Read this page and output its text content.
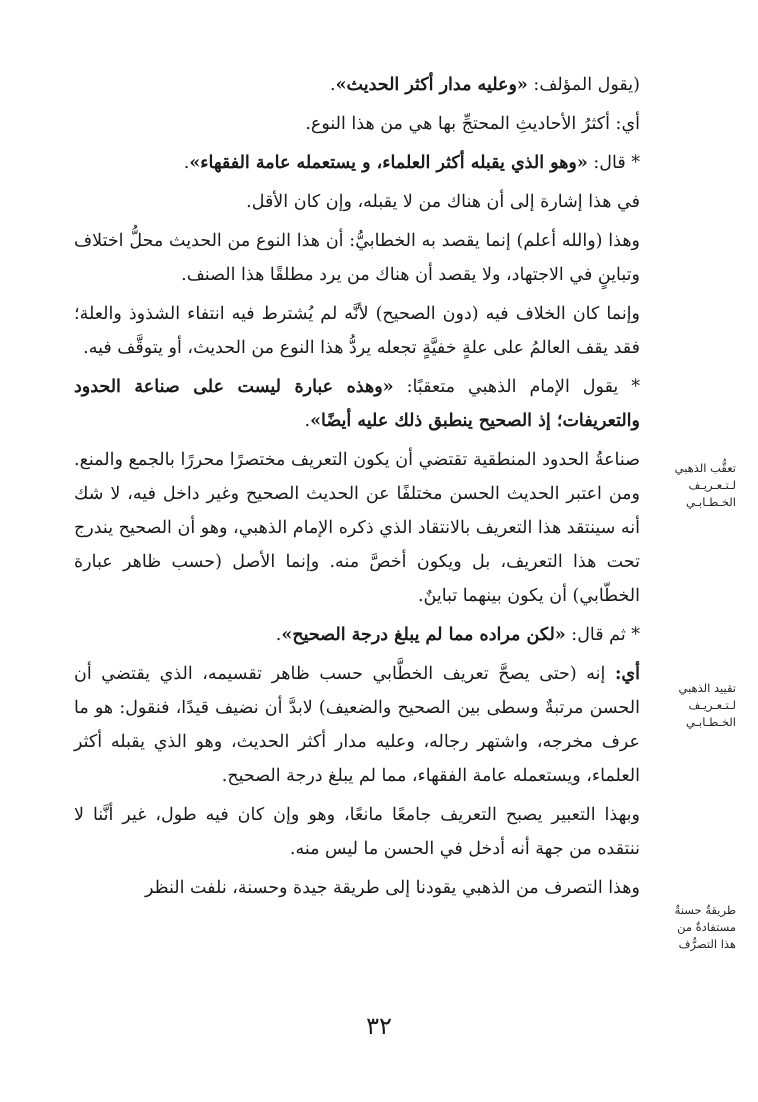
(يقول المؤلف: «وعليه مدار أكثر الحديث».

أي: أكثرُ الأحاديثِ المحتجِّ بها هي من هذا النوع.

* قال: «وهو الذي يقبله أكثر العلماء، و يستعمله عامة الفقهاء».

في هذا إشارة إلى أن هناك من لا يقبله، وإن كان الأقل.

وهذا (والله أعلم) إنما يقصد به الخطابيُّ: أن هذا النوع من الحديث محلُّ اختلاف وتباينٍ في الاجتهاد، ولا يقصد أن هناك من يرد مطلقًا هذا الصنف.

وإنما كان الخلاف فيه (دون الصحيح) لأنَّه لم يُشترط فيه انتفاء الشذوذ والعلة؛ فقد يقف العالمُ على علةٍ خفيَّةٍ تجعله يردُّ هذا النوع من الحديث، أو يتوقَّف فيه.

* يقول الإمام الذهبي متعقبًا: «وهذه عبارة ليست على صناعة الحدود والتعريفات؛ إذ الصحيح ينطبق ذلك عليه أيضًا».

صناعةُ الحدود المنطقية تقتضي أن يكون التعريف مختصرًا محررًا بالجمع والمنع. ومن اعتبر الحديث الحسن مختلفًا عن الحديث الصحيح وغير داخل فيه، لا شك أنه سينتقد هذا التعريف بالانتقاد الذي ذكره الإمام الذهبي، وهو أن الصحيح يندرج تحت هذا التعريف، بل ويكون أخصَّ منه. وإنما الأصل (حسب ظاهر عبارة الخطّابي) أن يكون بينهما تباينٌ.

* ثم قال: «لكن مراده مما لم يبلغ درجة الصحيح».

أي: إنه (حتى يصحَّ تعريف الخطَّابي حسب ظاهر تقسيمه، الذي يقتضي أن الحسن مرتبةٌ وسطى بين الصحيح والضعيف) لابدَّ أن نضيف قيدًا، فنقول: هو ما عرف مخرجه، واشتهر رجاله، وعليه مدار أكثر الحديث، وهو الذي يقبله أكثر العلماء، ويستعمله عامة الفقهاء، مما لم يبلغ درجة الصحيح.

وبهذا التعبير يصبح التعريف جامعًا مانعًا، وهو وإن كان فيه طول، غير أنَّنا لا ننتقده من جهة أنه أدخل في الحسن ما ليس منه.

وهذا التصرف من الذهبي يقودنا إلى طريقة جيدة وحسنة، نلفت النظر

تعقُّب الذهبي لـتـعـريـف الخـطـابـي
تقييد الذهبي لـتـعـريـف الخـطـابـي
طريقةٌ حسنةٌ مستفادةٌ من هذا التصرُّف
٣٢
